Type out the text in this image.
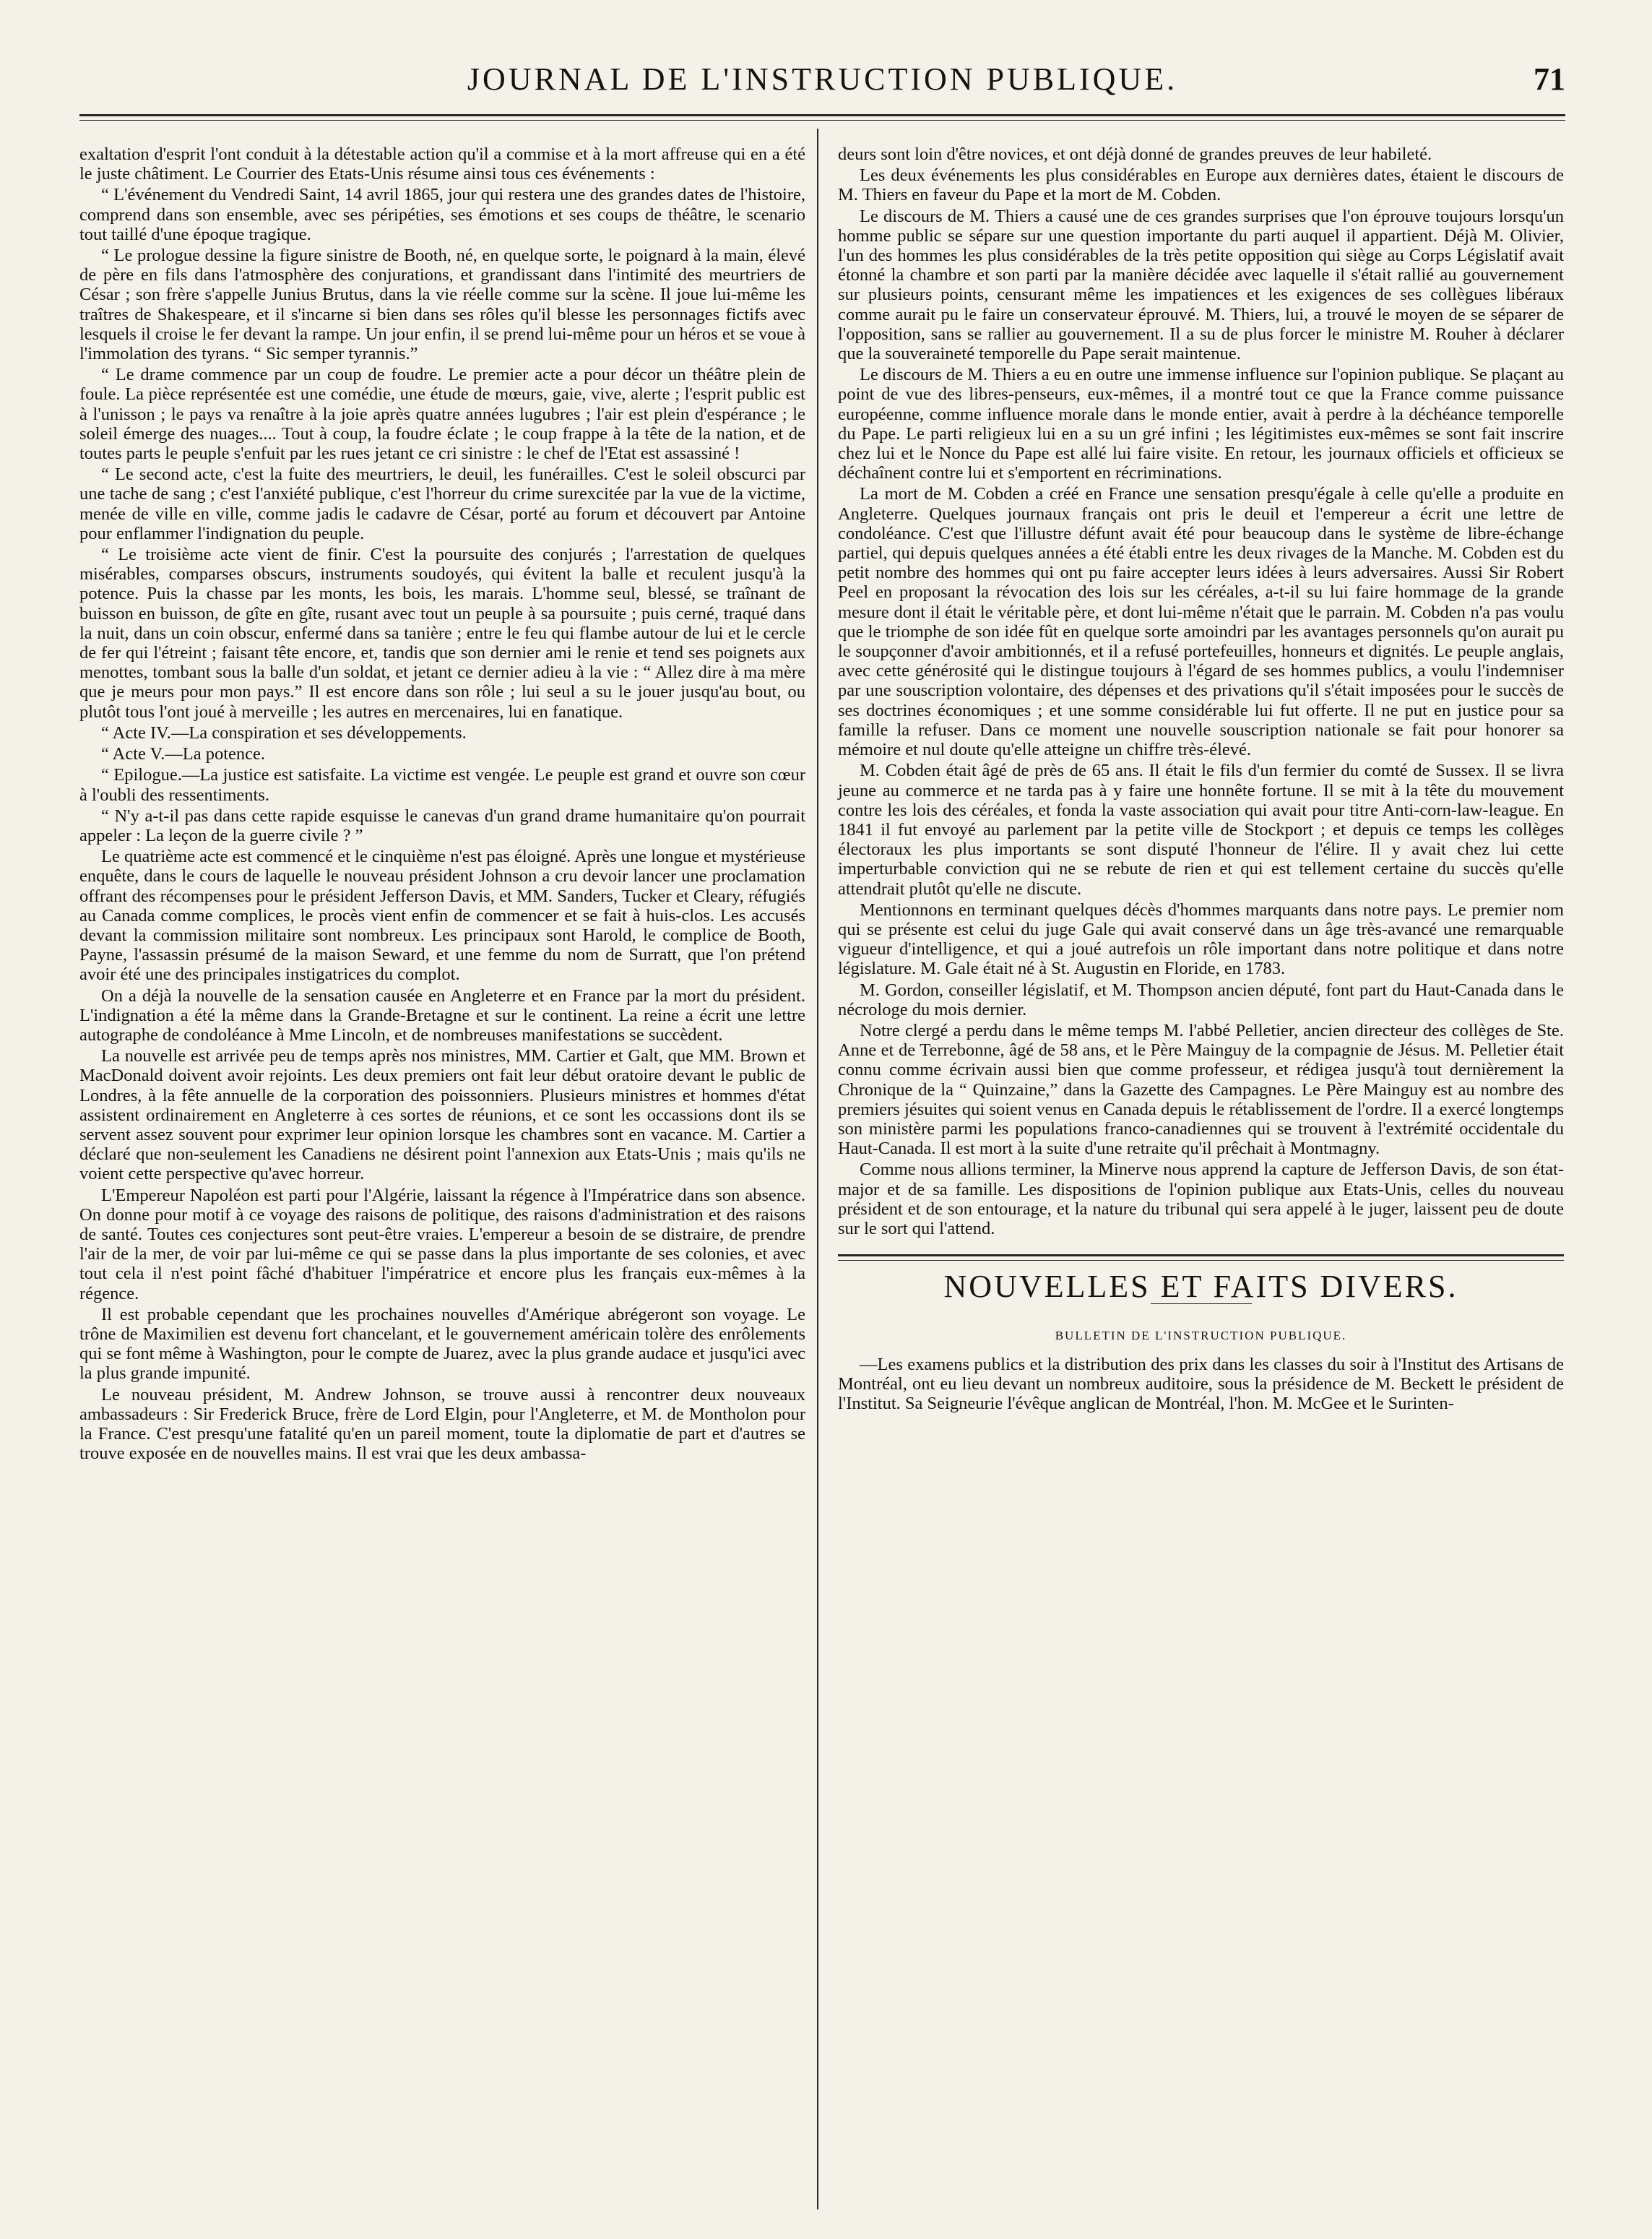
JOURNAL DE L'INSTRUCTION PUBLIQUE.	71

exaltation d'esprit l'ont conduit à la détestable action qu'il a commise et à la mort affreuse qui en a été le juste châtiment. Le Courrier des Etats-Unis résume ainsi tous ces événements :

“ L'événement du Vendredi Saint, 14 avril 1865, jour qui restera une des grandes dates de l'histoire, comprend dans son ensemble, avec ses péripéties, ses émotions et ses coups de théâtre, le scenario tout taillé d'une époque tragique.

“ Le prologue dessine la figure sinistre de Booth, né, en quelque sorte, le poignard à la main, élevé de père en fils dans l'atmosphère des conjurations, et grandissant dans l'intimité des meurtriers de César ; son frère s'appelle Junius Brutus, dans la vie réelle comme sur la scène. Il joue lui-même les traîtres de Shakespeare, et il s'incarne si bien dans ses rôles qu'il blesse les personnages fictifs avec lesquels il croise le fer devant la rampe. Un jour enfin, il se prend lui-même pour un héros et se voue à l'immolation des tyrans. “ Sic semper tyrannis.”

“ Le drame commence par un coup de foudre. Le premier acte a pour décor un théâtre plein de foule. La pièce représentée est une comédie, une étude de mœurs, gaie, vive, alerte ; l'esprit public est à l'unisson ; le pays va renaître à la joie après quatre années lugubres ; l'air est plein d'espérance ; le soleil émerge des nuages.... Tout à coup, la foudre éclate ; le coup frappe à la tête de la nation, et de toutes parts le peuple s'enfuit par les rues jetant ce cri sinistre : le chef de l'Etat est assassiné !

“ Le second acte, c'est la fuite des meurtriers, le deuil, les funérailles. C'est le soleil obscurci par une tache de sang ; c'est l'anxiété publique, c'est l'horreur du crime surexcitée par la vue de la victime, menée de ville en ville, comme jadis le cadavre de César, porté au forum et découvert par Antoine pour enflammer l'indignation du peuple.

“ Le troisième acte vient de finir. C'est la poursuite des conjurés ; l'arrestation de quelques misérables, comparses obscurs, instruments soudoyés, qui évitent la balle et reculent jusqu'à la potence. Puis la chasse par les monts, les bois, les marais. L'homme seul, blessé, se traînant de buisson en buisson, de gîte en gîte, rusant avec tout un peuple à sa poursuite ; puis cerné, traqué dans la nuit, dans un coin obscur, enfermé dans sa tanière ; entre le feu qui flambe autour de lui et le cercle de fer qui l'étreint ; faisant tête encore, et, tandis que son dernier ami le renie et tend ses poignets aux menottes, tombant sous la balle d'un soldat, et jetant ce dernier adieu à la vie : “ Allez dire à ma mère que je meurs pour mon pays.” Il est encore dans son rôle ; lui seul a su le jouer jusqu'au bout, ou plutôt tous l'ont joué à merveille ; les autres en mercenaires, lui en fanatique.

“ Acte IV.—La conspiration et ses développements.

“ Acte V.—La potence.

“ Epilogue.—La justice est satisfaite. La victime est vengée. Le peuple est grand et ouvre son cœur à l'oubli des ressentiments.

“ N'y a-t-il pas dans cette rapide esquisse le canevas d'un grand drame humanitaire qu'on pourrait appeler : La leçon de la guerre civile ? ”

Le quatrième acte est commencé et le cinquième n'est pas éloigné. Après une longue et mystérieuse enquête, dans le cours de laquelle le nouveau président Johnson a cru devoir lancer une proclamation offrant des récompenses pour le président Jefferson Davis, et MM. Sanders, Tucker et Cleary, réfugiés au Canada comme complices, le procès vient enfin de commencer et se fait à huis-clos. Les accusés devant la commission militaire sont nombreux. Les principaux sont Harold, le complice de Booth, Payne, l'assassin présumé de la maison Seward, et une femme du nom de Surratt, que l'on prétend avoir été une des principales instigatrices du complot.

On a déjà la nouvelle de la sensation causée en Angleterre et en France par la mort du président. L'indignation a été la même dans la Grande-Bretagne et sur le continent. La reine a écrit une lettre autographe de condoléance à Mme Lincoln, et de nombreuses manifestations se succèdent.

La nouvelle est arrivée peu de temps après nos ministres, MM. Cartier et Galt, que MM. Brown et MacDonald doivent avoir rejoints. Les deux premiers ont fait leur début oratoire devant le public de Londres, à la fête annuelle de la corporation des poissonniers. Plusieurs ministres et hommes d'état assistent ordinairement en Angleterre à ces sortes de réunions, et ce sont les occassions dont ils se servent assez souvent pour exprimer leur opinion lorsque les chambres sont en vacance. M. Cartier a déclaré que non-seulement les Canadiens ne désirent point l'annexion aux Etats-Unis ; mais qu'ils ne voient cette perspective qu'avec horreur.

L'Empereur Napoléon est parti pour l'Algérie, laissant la régence à l'Impératrice dans son absence. On donne pour motif à ce voyage des raisons de politique, des raisons d'administration et des raisons de santé. Toutes ces conjectures sont peut-être vraies. L'empereur a besoin de se distraire, de prendre l'air de la mer, de voir par lui-même ce qui se passe dans la plus importante de ses colonies, et avec tout cela il n'est point fâché d'habituer l'impératrice et encore plus les français eux-mêmes à la régence.

Il est probable cependant que les prochaines nouvelles d'Amérique abrégeront son voyage. Le trône de Maximilien est devenu fort chancelant, et le gouvernement américain tolère des enrôlements qui se font même à Washington, pour le compte de Juarez, avec la plus grande audace et jusqu'ici avec la plus grande impunité.

Le nouveau président, M. Andrew Johnson, se trouve aussi à rencontrer deux nouveaux ambassadeurs : Sir Frederick Bruce, frère de Lord Elgin, pour l'Angleterre, et M. de Montholon pour la France. C'est presqu'une fatalité qu'en un pareil moment, toute la diplomatie de part et d'autres se trouve exposée en de nouvelles mains. Il est vrai que les deux ambassa-

deurs sont loin d'être novices, et ont déjà donné de grandes preuves de leur habileté.

Les deux événements les plus considérables en Europe aux dernières dates, étaient le discours de M. Thiers en faveur du Pape et la mort de M. Cobden.

Le discours de M. Thiers a causé une de ces grandes surprises que l'on éprouve toujours lorsqu'un homme public se sépare sur une question importante du parti auquel il appartient. Déjà M. Olivier, l'un des hommes les plus considérables de la très petite opposition qui siège au Corps Législatif avait étonné la chambre et son parti par la manière décidée avec laquelle il s'était rallié au gouvernement sur plusieurs points, censurant même les impatiences et les exigences de ses collègues libéraux comme aurait pu le faire un conservateur éprouvé. M. Thiers, lui, a trouvé le moyen de se séparer de l'opposition, sans se rallier au gouvernement. Il a su de plus forcer le ministre M. Rouher à déclarer que la souveraineté temporelle du Pape serait maintenue.

Le discours de M. Thiers a eu en outre une immense influence sur l'opinion publique. Se plaçant au point de vue des libres-penseurs, eux-mêmes, il a montré tout ce que la France comme puissance européenne, comme influence morale dans le monde entier, avait à perdre à la déchéance temporelle du Pape. Le parti religieux lui en a su un gré infini ; les légitimistes eux-mêmes se sont fait inscrire chez lui et le Nonce du Pape est allé lui faire visite. En retour, les journaux officiels et officieux se déchaînent contre lui et s'emportent en récriminations.

La mort de M. Cobden a créé en France une sensation presqu'égale à celle qu'elle a produite en Angleterre. Quelques journaux français ont pris le deuil et l'empereur a écrit une lettre de condoléance. C'est que l'illustre défunt avait été pour beaucoup dans le système de libre-échange partiel, qui depuis quelques années a été établi entre les deux rivages de la Manche. M. Cobden est du petit nombre des hommes qui ont pu faire accepter leurs idées à leurs adversaires. Aussi Sir Robert Peel en proposant la révocation des lois sur les céréales, a-t-il su lui faire hommage de la grande mesure dont il était le véritable père, et dont lui-même n'était que le parrain. M. Cobden n'a pas voulu que le triomphe de son idée fût en quelque sorte amoindri par les avantages personnels qu'on aurait pu le soupçonner d'avoir ambitionnés, et il a refusé portefeuilles, honneurs et dignités. Le peuple anglais, avec cette générosité qui le distingue toujours à l'égard de ses hommes publics, a voulu l'indemniser par une souscription volontaire, des dépenses et des privations qu'il s'était imposées pour le succès de ses doctrines économiques ; et une somme considérable lui fut offerte. Il ne put en justice pour sa famille la refuser. Dans ce moment une nouvelle souscription nationale se fait pour honorer sa mémoire et nul doute qu'elle atteigne un chiffre très-élevé.

M. Cobden était âgé de près de 65 ans. Il était le fils d'un fermier du comté de Sussex. Il se livra jeune au commerce et ne tarda pas à y faire une honnête fortune. Il se mit à la tête du mouvement contre les lois des céréales, et fonda la vaste association qui avait pour titre Anti-corn-law-league. En 1841 il fut envoyé au parlement par la petite ville de Stockport ; et depuis ce temps les collèges électoraux les plus importants se sont disputé l'honneur de l'élire. Il y avait chez lui cette imperturbable conviction qui ne se rebute de rien et qui est tellement certaine du succès qu'elle attendrait plutôt qu'elle ne discute.

Mentionnons en terminant quelques décès d'hommes marquants dans notre pays. Le premier nom qui se présente est celui du juge Gale qui avait conservé dans un âge très-avancé une remarquable vigueur d'intelligence, et qui a joué autrefois un rôle important dans notre politique et dans notre législature. M. Gale était né à St. Augustin en Floride, en 1783.

M. Gordon, conseiller législatif, et M. Thompson ancien député, font part du Haut-Canada dans le nécrologe du mois dernier.

Notre clergé a perdu dans le même temps M. l'abbé Pelletier, ancien directeur des collèges de Ste. Anne et de Terrebonne, âgé de 58 ans, et le Père Mainguy de la compagnie de Jésus. M. Pelletier était connu comme écrivain aussi bien que comme professeur, et rédigea jusqu'à tout dernièrement la Chronique de la “ Quinzaine,” dans la Gazette des Campagnes. Le Père Mainguy est au nombre des premiers jésuites qui soient venus en Canada depuis le rétablissement de l'ordre. Il a exercé longtemps son ministère parmi les populations franco-canadiennes qui se trouvent à l'extrémité occidentale du Haut-Canada. Il est mort à la suite d'une retraite qu'il prêchait à Montmagny.

Comme nous allions terminer, la Minerve nous apprend la capture de Jefferson Davis, de son état-major et de sa famille. Les dispositions de l'opinion publique aux Etats-Unis, celles du nouveau président et de son entourage, et la nature du tribunal qui sera appelé à le juger, laissent peu de doute sur le sort qui l'attend.

NOUVELLES ET FAITS DIVERS.
BULLETIN DE L'INSTRUCTION PUBLIQUE.

—Les examens publics et la distribution des prix dans les classes du soir à l'Institut des Artisans de Montréal, ont eu lieu devant un nombreux auditoire, sous la présidence de M. Beckett le président de l'Institut. Sa Seigneurie l'évêque anglican de Montréal, l'hon. M. McGee et le Surinten-
